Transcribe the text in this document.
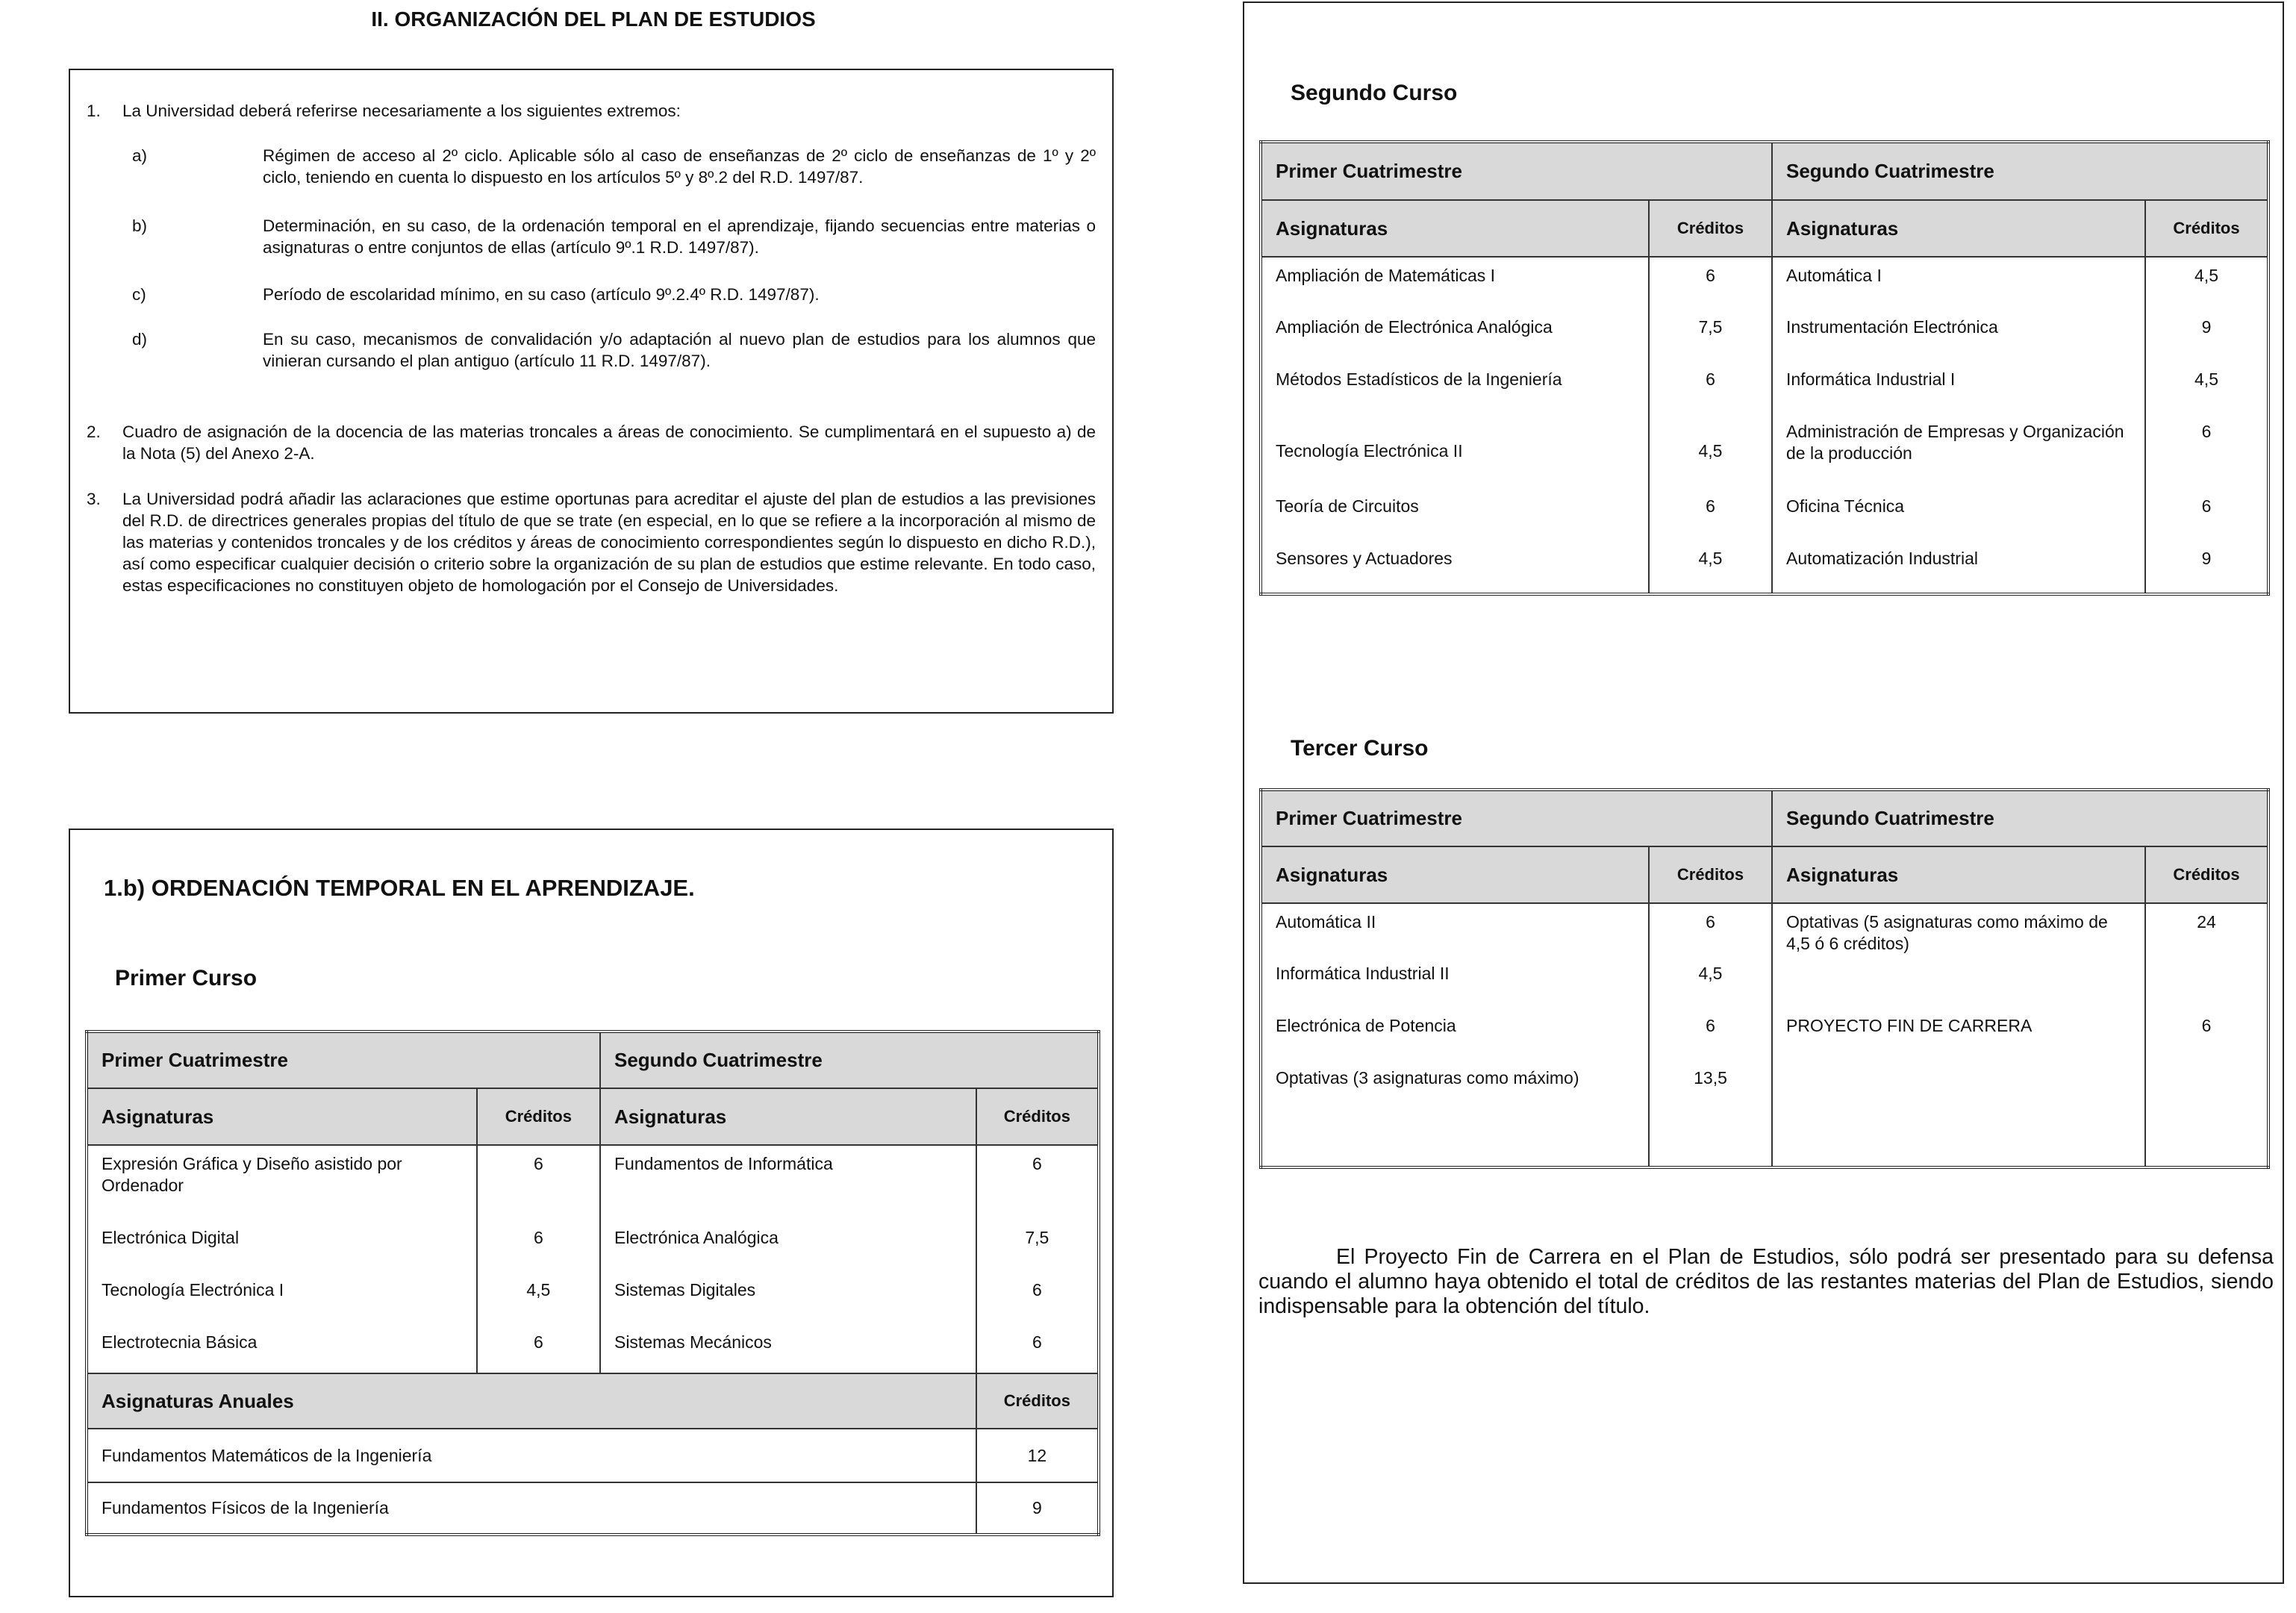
II. ORGANIZACIÓN DEL PLAN DE ESTUDIOS
1.	La Universidad deberá referirse necesariamente a los siguientes extremos:
a)	Régimen de acceso al 2º ciclo. Aplicable sólo al caso de enseñanzas de 2º ciclo de enseñanzas de 1º y 2º ciclo, teniendo en cuenta lo dispuesto en los artículos 5º y 8º.2 del R.D. 1497/87.
b)	Determinación, en su caso, de la ordenación temporal en el aprendizaje, fijando secuencias entre materias o asignaturas o entre conjuntos de ellas (artículo 9º.1 R.D. 1497/87).
c)	Período de escolaridad mínimo, en su caso (artículo 9º.2.4º R.D. 1497/87).
d)	En su caso, mecanismos de convalidación y/o adaptación al nuevo plan de estudios para los alumnos que vinieran cursando el plan antiguo (artículo 11 R.D. 1497/87).
2.	Cuadro de asignación de la docencia de las materias troncales a áreas de conocimiento. Se cumplimentará en el supuesto a) de la Nota (5) del Anexo 2-A.
3.	La Universidad podrá añadir las aclaraciones que estime oportunas para acreditar el ajuste del plan de estudios a las previsiones del R.D. de directrices generales propias del título de que se trate (en especial, en lo que se refiere a la incorporación al mismo de las materias y contenidos troncales y de los créditos y áreas de conocimiento correspondientes según lo dispuesto en dicho R.D.), así como especificar cualquier decisión o criterio sobre la organización de su plan de estudios que estime relevante. En todo caso, estas especificaciones no constituyen objeto de homologación por el Consejo de Universidades.
1.b) ORDENACIÓN TEMPORAL EN EL APRENDIZAJE.
Primer Curso
Primer Cuatrimestre		Segundo Cuatrimestre	
Asignaturas	Créditos	Asignaturas	Créditos

Expresión Gráfica y Diseño asistido por Ordenador	6	Fundamentos de Informática	6

Electrónica Digital	6	Electrónica Analógica	7,5

Tecnología Electrónica I	4,5	Sistemas Digitales	6

Electrotecnia Básica	6	Sistemas Mecánicos	6

Asignaturas Anuales			Créditos
Fundamentos Matemáticos de la Ingeniería			12
Fundamentos Físicos de la Ingeniería			9
Segundo Curso
Primer Cuatrimestre		Segundo Cuatrimestre	
Asignaturas	Créditos	Asignaturas	Créditos

Ampliación de Matemáticas I	6	Automática I	4,5

Ampliación de Electrónica Analógica	7,5	Instrumentación Electrónica	9

Métodos Estadísticos de la Ingeniería	6	Informática Industrial I	4,5

Tecnología Electrónica II	4,5	Administración de Empresas y Organización de la producción	6

Teoría de Circuitos	6	Oficina Técnica	6

Sensores y Actuadores	4,5	Automatización Industrial	9
Tercer Curso
Primer Cuatrimestre		Segundo Cuatrimestre	
Asignaturas	Créditos	Asignaturas	Créditos

Automática II	6	Optativas (5 asignaturas como máximo de 4,5 ó 6 créditos)	24

Informática Industrial II	4,5		

Electrónica de Potencia	6	PROYECTO FIN DE CARRERA	6

Optativas (3 asignaturas como máximo)	13,5		
El Proyecto Fin de Carrera en el Plan de Estudios, sólo podrá ser presentado para su defensa cuando el alumno haya obtenido el total de créditos de las restantes materias del Plan de Estudios, siendo indispensable para la obtención del título.
